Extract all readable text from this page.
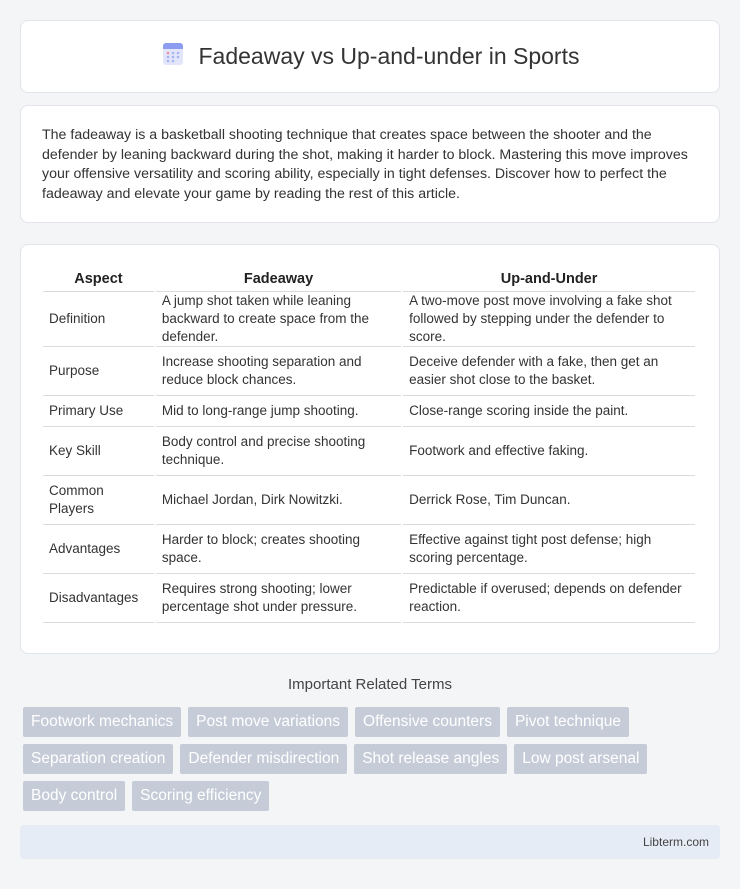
Fadeaway vs Up-and-under in Sports

The fadeaway is a basketball shooting technique that creates space between the shooter and the defender by leaning backward during the shot, making it harder to block. Mastering this move improves your offensive versatility and scoring ability, especially in tight defenses. Discover how to perfect the fadeaway and elevate your game by reading the rest of this article.

Aspect	Fadeaway	Up-and-Under
Definition	A jump shot taken while leaning backward to create space from the defender.	A two-move post move involving a fake shot followed by stepping under the defender to score.
Purpose	Increase shooting separation and reduce block chances.	Deceive defender with a fake, then get an easier shot close to the basket.
Primary Use	Mid to long-range jump shooting.	Close-range scoring inside the paint.
Key Skill	Body control and precise shooting technique.	Footwork and effective faking.
Common Players	Michael Jordan, Dirk Nowitzki.	Derrick Rose, Tim Duncan.
Advantages	Harder to block; creates shooting space.	Effective against tight post defense; high scoring percentage.
Disadvantages	Requires strong shooting; lower percentage shot under pressure.	Predictable if overused; depends on defender reaction.
Important Related Terms
Footwork mechanics	Post move variations	Offensive counters	Pivot technique
Separation creation	Defender misdirection	Shot release angles	Low post arsenal
Body control	Scoring efficiency
Libterm.com
